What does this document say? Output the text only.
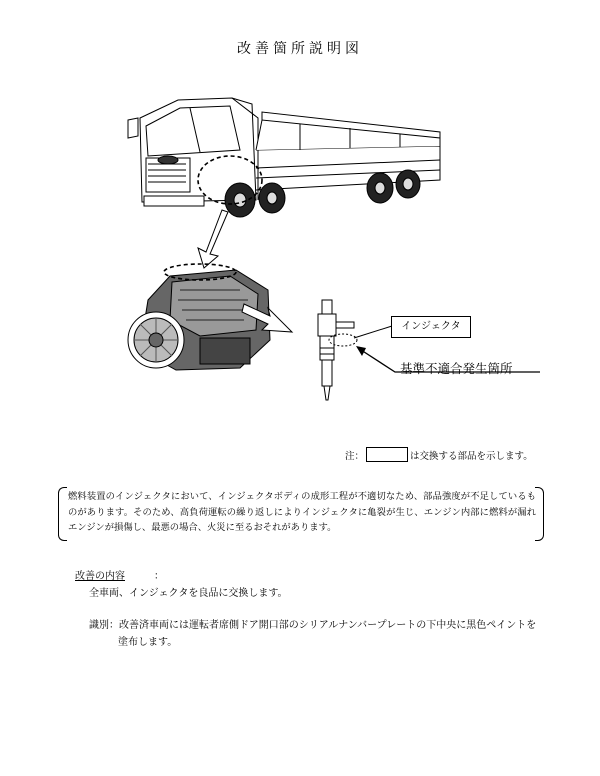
改善箇所説明図
インジェクタ
基準不適合発生箇所
注：	は交換する部品を示します。
燃料装置のインジェクタにおいて、インジェクタボディの成形工程が不適切なため、部品強度が不足しているものがあります。そのため、高負荷運転の繰り返しによりインジェクタに亀裂が生じ、エンジン内部に燃料が漏れエンジンが損傷し、最悪の場合、火災に至るおそれがあります。
改善の内容	：
全車両、インジェクタを良品に交換します。
識別：改善済車両には運転者席側ドア開口部のシリアルナンバープレートの下中央に黒色ペイントを
塗布します。
